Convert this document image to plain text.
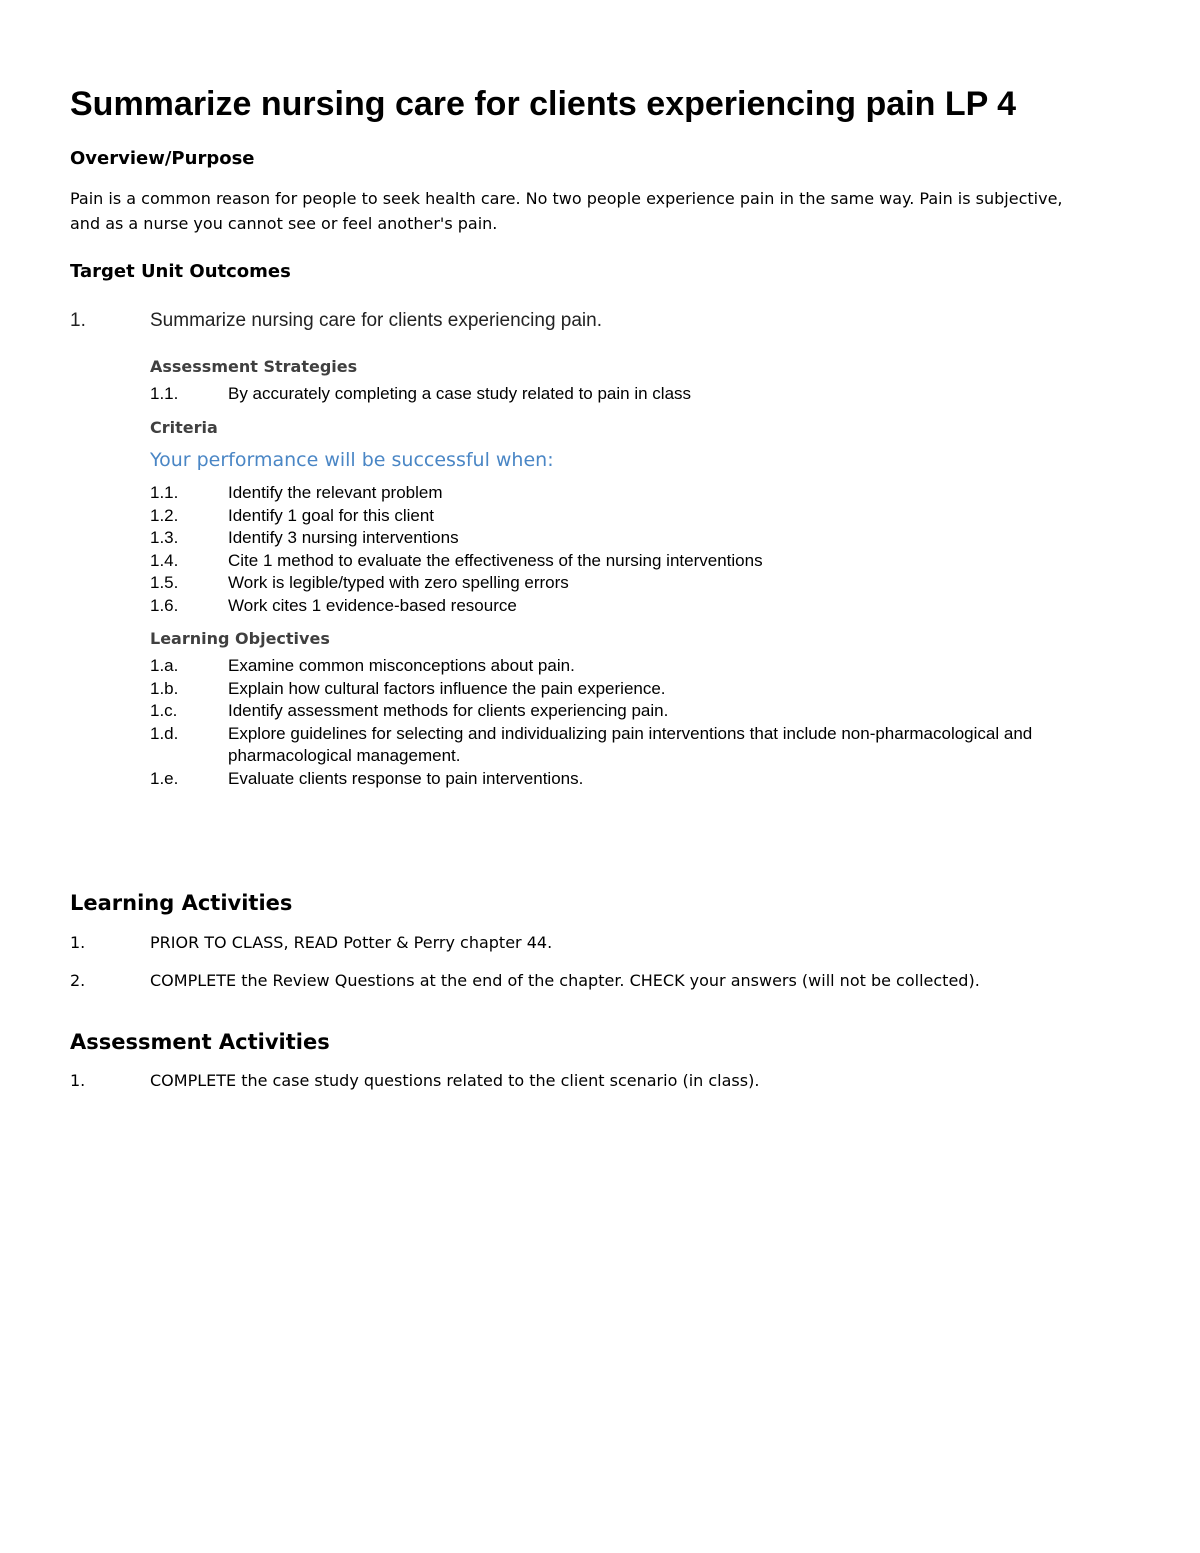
Summarize nursing care for clients experiencing pain LP 4
Overview/Purpose

Pain is a common reason for people to seek health care. No two people experience pain in the same way. Pain is subjective, and as a nurse you cannot see or feel another's pain.

Target Unit Outcomes
1.	Summarize nursing care for clients experiencing pain.
Assessment Strategies
1.1.	By accurately completing a case study related to pain in class
Criteria

Your performance will be successful when:

1.1.	Identify the relevant problem
1.2.	Identify 1 goal for this client
1.3.	Identify 3 nursing interventions
1.4.	Cite 1 method to evaluate the effectiveness of the nursing interventions
1.5.	Work is legible/typed with zero spelling errors
1.6.	Work cites 1 evidence-based resource
Learning Objectives
1.a.	Examine common misconceptions about pain.
1.b.	Explain how cultural factors influence the pain experience.
1.c.	Identify assessment methods for clients experiencing pain.
1.d.	Explore guidelines for selecting and individualizing pain interventions that include non-pharmacological and pharmacological management.
1.e.	Evaluate clients response to pain interventions.
Learning Activities
1.	PRIOR TO CLASS, READ Potter & Perry chapter 44.
2.	COMPLETE the Review Questions at the end of the chapter. CHECK your answers (will not be collected).
Assessment Activities
1.	COMPLETE the case study questions related to the client scenario (in class).
